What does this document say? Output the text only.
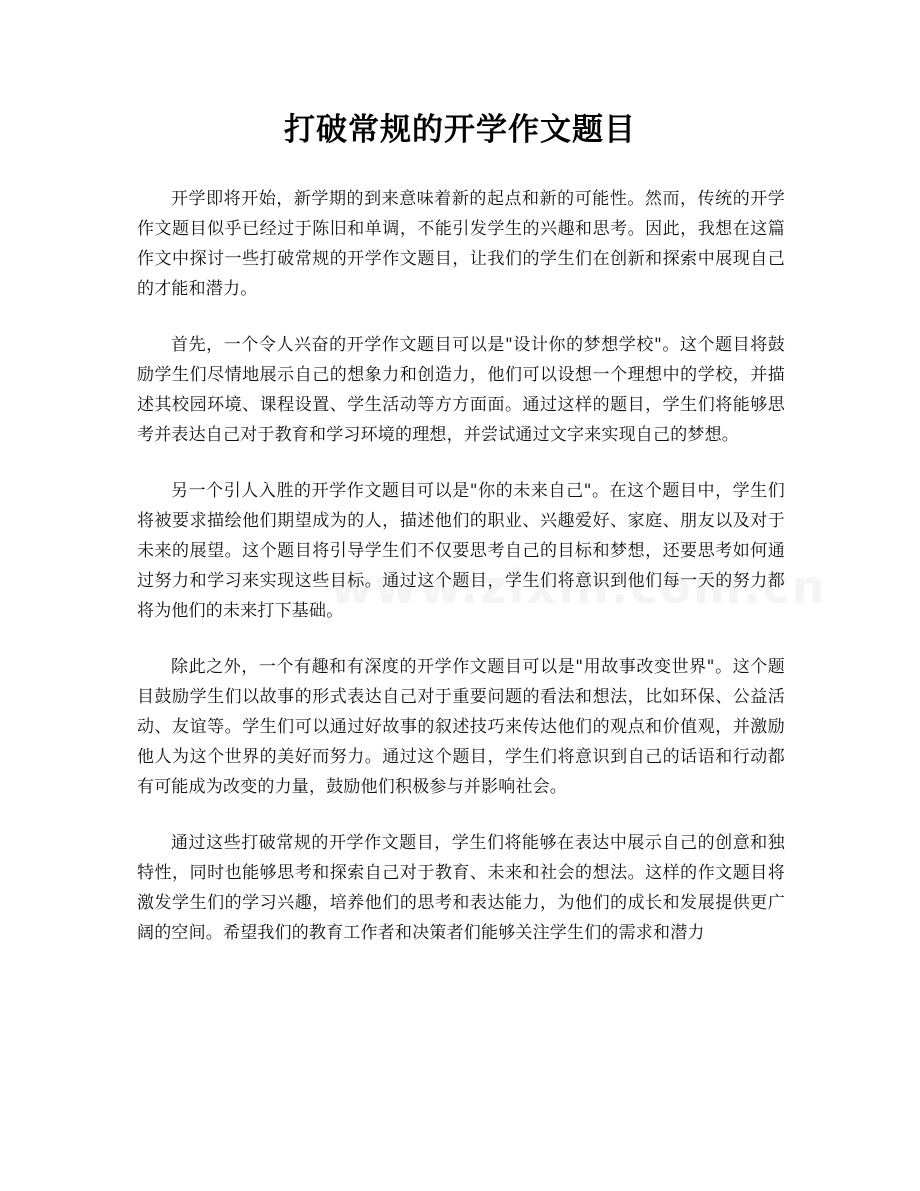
打破常规的开学作文题目

开学即将开始，新学期的到来意味着新的起点和新的可能性。然而，传统的开学作文题目似乎已经过于陈旧和单调，不能引发学生的兴趣和思考。因此，我想在这篇作文中探讨一些打破常规的开学作文题目，让我们的学生们在创新和探索中展现自己的才能和潜力。

首先，一个令人兴奋的开学作文题目可以是"设计你的梦想学校"。这个题目将鼓励学生们尽情地展示自己的想象力和创造力，他们可以设想一个理想中的学校，并描述其校园环境、课程设置、学生活动等方方面面。通过这样的题目，学生们将能够思考并表达自己对于教育和学习环境的理想，并尝试通过文字来实现自己的梦想。

另一个引人入胜的开学作文题目可以是"你的未来自己"。在这个题目中，学生们将被要求描绘他们期望成为的人，描述他们的职业、兴趣爱好、家庭、朋友以及对于未来的展望。这个题目将引导学生们不仅要思考自己的目标和梦想，还要思考如何通过努力和学习来实现这些目标。通过这个题目，学生们将意识到他们每一天的努力都将为他们的未来打下基础。

除此之外，一个有趣和有深度的开学作文题目可以是"用故事改变世界"。这个题目鼓励学生们以故事的形式表达自己对于重要问题的看法和想法，比如环保、公益活动、友谊等。学生们可以通过好故事的叙述技巧来传达他们的观点和价值观，并激励他人为这个世界的美好而努力。通过这个题目，学生们将意识到自己的话语和行动都有可能成为改变的力量，鼓励他们积极参与并影响社会。

通过这些打破常规的开学作文题目，学生们将能够在表达中展示自己的创意和独特性，同时也能够思考和探索自己对于教育、未来和社会的想法。这样的作文题目将激发学生们的学习兴趣，培养他们的思考和表达能力，为他们的成长和发展提供更广阔的空间。希望我们的教育工作者和决策者们能够关注学生们的需求和潜力
